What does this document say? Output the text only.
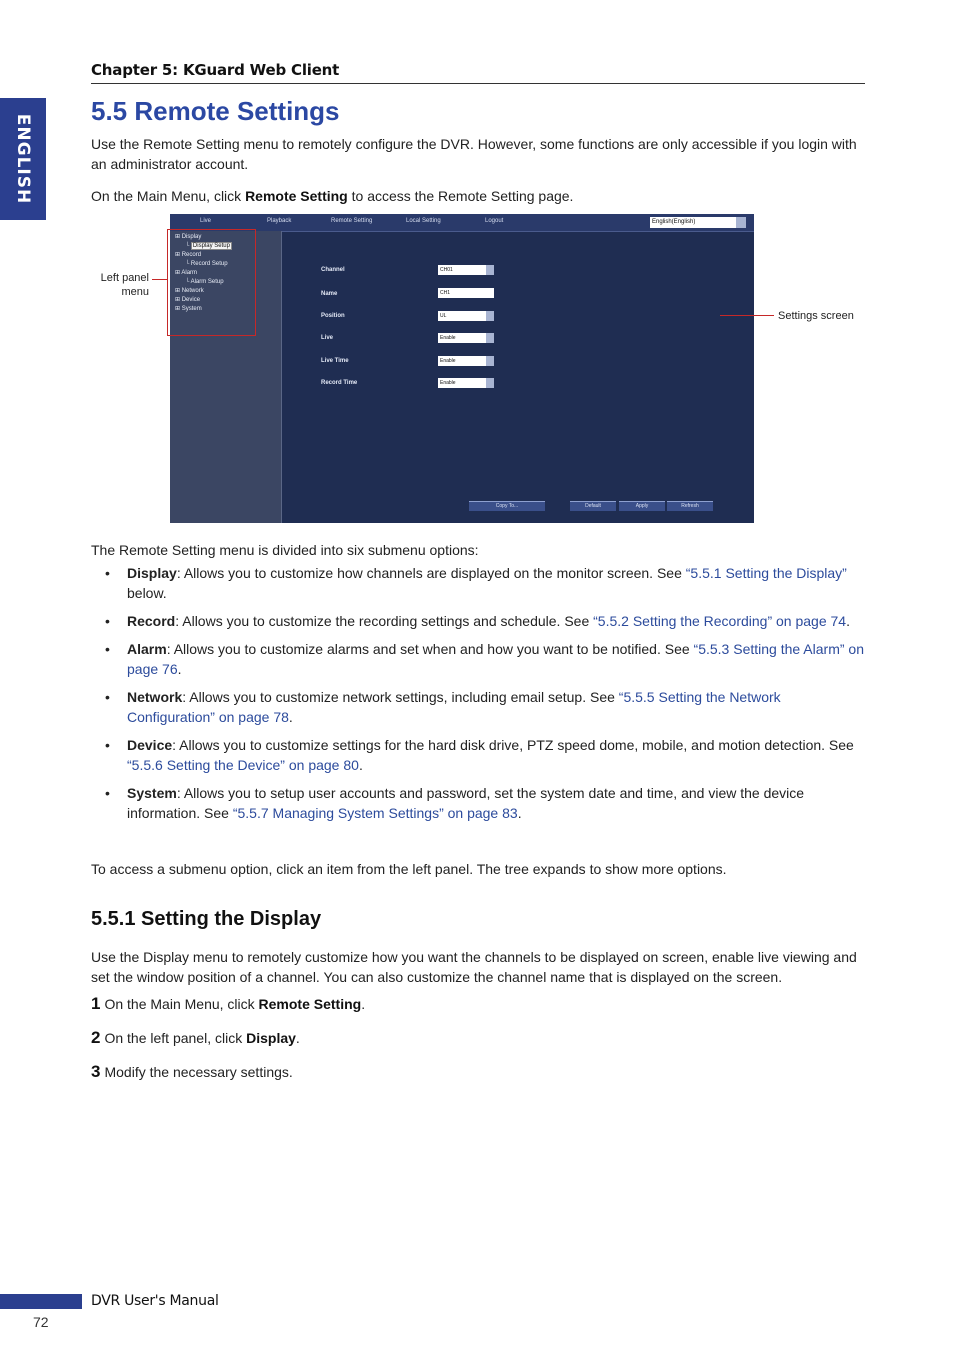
Chapter 5: KGuard Web Client
ENGLISH
5.5 Remote Settings
Use the Remote Setting menu to remotely configure the DVR. However, some functions are only accessible if you login with an administrator account.
On the Main Menu, click Remote Setting to access the Remote Setting page.
Live	Playback	Remote Setting	Local Setting	Logout	English(English)
⊞ Display
└ Display Setup
⊞ Record
└ Record Setup
⊞ Alarm
└ Alarm Setup
⊞ Network
⊞ Device
⊞ System
Channel	CH01
Name	CH1
Position	UL
Live	Enable
Live Time	Enable
Record Time	Enable
Copy To...	Default	Apply	Refresh
Left panel menu
Settings screen
The Remote Setting menu is divided into six submenu options:
• Display: Allows you to customize how channels are displayed on the monitor screen. See “5.5.1 Setting the Display” below.
• Record: Allows you to customize the recording settings and schedule. See “5.5.2 Setting the Recording” on page 74.
• Alarm: Allows you to customize alarms and set when and how you want to be notified. See “5.5.3 Setting the Alarm” on page 76.
• Network: Allows you to customize network settings, including email setup. See “5.5.5 Setting the Network Configuration” on page 78.
• Device: Allows you to customize settings for the hard disk drive, PTZ speed dome, mobile, and motion detection. See “5.5.6 Setting the Device” on page 80.
• System: Allows you to setup user accounts and password, set the system date and time, and view the device information. See “5.5.7 Managing System Settings” on page 83.
To access a submenu option, click an item from the left panel. The tree expands to show more options.
5.5.1 Setting the Display
Use the Display menu to remotely customize how you want the channels to be displayed on screen, enable live viewing and set the window position of a channel. You can also customize the channel name that is displayed on the screen.
1 On the Main Menu, click Remote Setting.
2 On the left panel, click Display.
3 Modify the necessary settings.
DVR User's Manual
72
